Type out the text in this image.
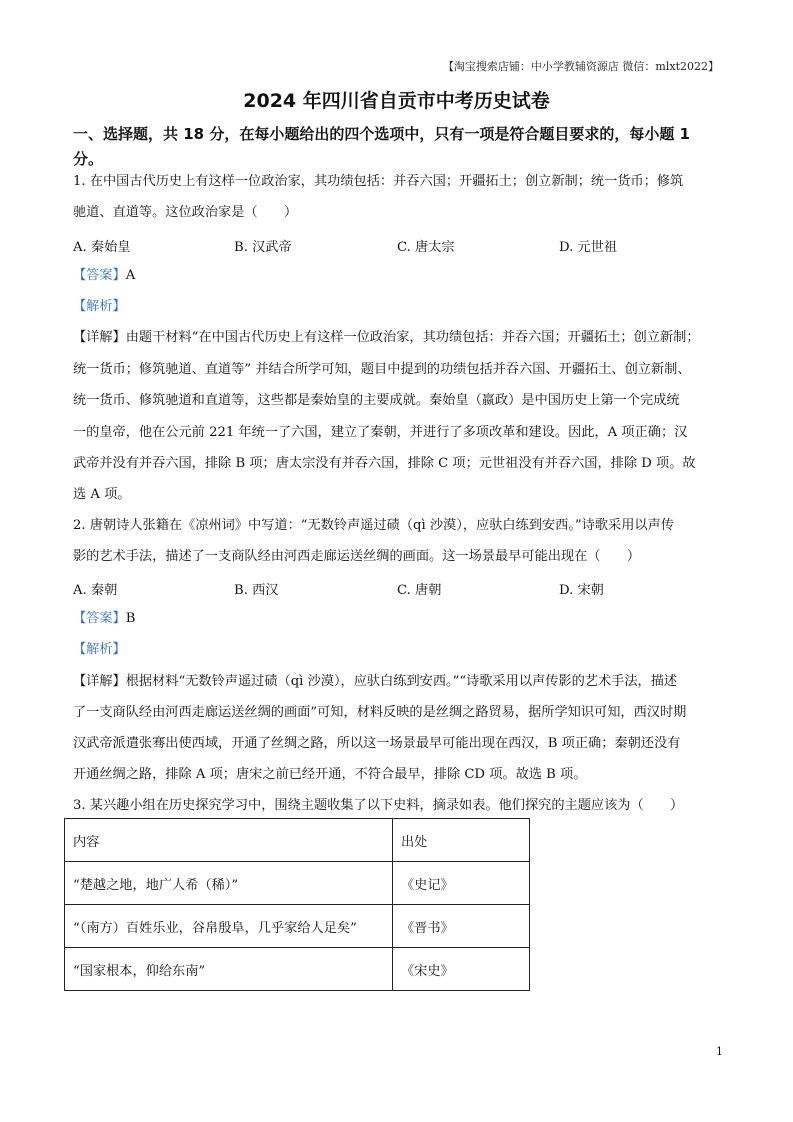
【淘宝搜索店铺：中小学教辅资源店 微信：mlxt2022】
2024 年四川省自贡市中考历史试卷
一、选择题，共 18 分，在每小题给出的四个选项中，只有一项是符合题目要求的，每小题 1
分。
1. 在中国古代历史上有这样一位政治家，其功绩包括：并吞六国；开疆拓土；创立新制；统一货币；修筑
驰道、直道等。这位政治家是（　　）
A. 秦始皇	B. 汉武帝	C. 唐太宗	D. 元世祖
【答案】A
【解析】
【详解】由题干材料“在中国古代历史上有这样一位政治家，其功绩包括：并吞六国；开疆拓土；创立新制；
统一货币；修筑驰道、直道等” 并结合所学可知，题目中提到的功绩包括并吞六国、开疆拓土、创立新制、
统一货币、修筑驰道和直道等，这些都是秦始皇的主要成就。秦始皇（嬴政）是中国历史上第一个完成统
一的皇帝，他在公元前 221 年统一了六国，建立了秦朝，并进行了多项改革和建设。因此，A 项正确；汉
武帝并没有并吞六国，排除 B 项；唐太宗没有并吞六国，排除 C 项；元世祖没有并吞六国，排除 D 项。故
选 A 项。
2. 唐朝诗人张籍在《凉州词》中写道：“无数铃声遥过碛（qì 沙漠），应驮白练到安西。”诗歌采用以声传
影的艺术手法，描述了一支商队经由河西走廊运送丝绸的画面。这一场景最早可能出现在（　　）
A. 秦朝	B. 西汉	C. 唐朝	D. 宋朝
【答案】B
【解析】
【详解】根据材料“无数铃声遥过碛（qì 沙漠），应驮白练到安西。”“诗歌采用以声传影的艺术手法，描述
了一支商队经由河西走廊运送丝绸的画面”可知，材料反映的是丝绸之路贸易，据所学知识可知，西汉时期
汉武帝派遣张骞出使西域，开通了丝绸之路，所以这一场景最早可能出现在西汉，B 项正确；秦朝还没有
开通丝绸之路，排除 A 项；唐宋之前已经开通，不符合最早，排除 CD 项。故选 B 项。
3. 某兴趣小组在历史探究学习中，围绕主题收集了以下史料，摘录如表。他们探究的主题应该为（　　）
内容	出处
“楚越之地，地广人希（稀）”	《史记》
“（南方）百姓乐业，谷帛殷阜，几乎家给人足矣”	《晋书》
“国家根本，仰给东南”	《宋史》
1
